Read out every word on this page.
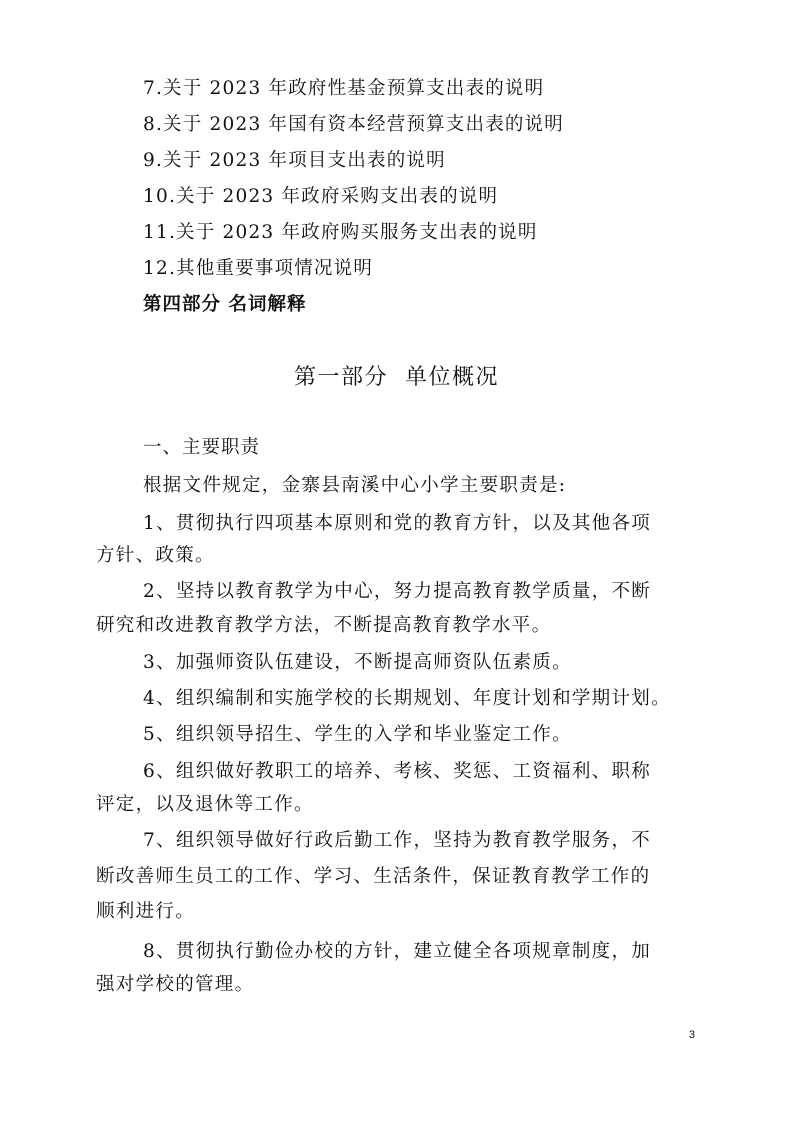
7.关于 2023 年政府性基金预算支出表的说明
8.关于 2023 年国有资本经营预算支出表的说明
9.关于 2023 年项目支出表的说明
10.关于 2023 年政府采购支出表的说明
11.关于 2023 年政府购买服务支出表的说明
12.其他重要事项情况说明
第四部分 名词解释
第一部分  单位概况
一、主要职责
根据文件规定，金寨县南溪中心小学主要职责是:
1、贯彻执行四项基本原则和党的教育方针，以及其他各项
方针、政策。
2、坚持以教育教学为中心，努力提高教育教学质量，不断
研究和改进教育教学方法，不断提高教育教学水平。
3、加强师资队伍建设，不断提高师资队伍素质。
4、组织编制和实施学校的长期规划、年度计划和学期计划。
5、组织领导招生、学生的入学和毕业鉴定工作。
6、组织做好教职工的培养、考核、奖惩、工资福利、职称
评定，以及退休等工作。
7、组织领导做好行政后勤工作，坚持为教育教学服务，不
断改善师生员工的工作、学习、生活条件，保证教育教学工作的
顺利进行。
8、贯彻执行勤俭办校的方针，建立健全各项规章制度，加
强对学校的管理。
3
